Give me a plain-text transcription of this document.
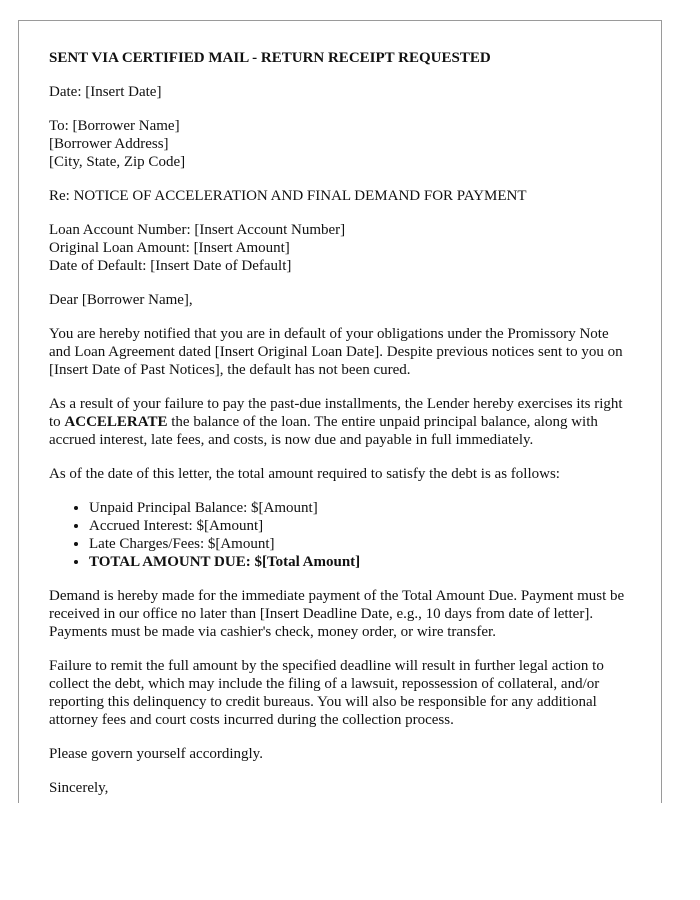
SENT VIA CERTIFIED MAIL - RETURN RECEIPT REQUESTED

Date: [Insert Date]

To: [Borrower Name]
[Borrower Address]
[City, State, Zip Code]

Re: NOTICE OF ACCELERATION AND FINAL DEMAND FOR PAYMENT

Loan Account Number: [Insert Account Number]
Original Loan Amount: [Insert Amount]
Date of Default: [Insert Date of Default]

Dear [Borrower Name],

You are hereby notified that you are in default of your obligations under the Promissory Note and Loan Agreement dated [Insert Original Loan Date]. Despite previous notices sent to you on [Insert Date of Past Notices], the default has not been cured.

As a result of your failure to pay the past-due installments, the Lender hereby exercises its right to ACCELERATE the balance of the loan. The entire unpaid principal balance, along with accrued interest, late fees, and costs, is now due and payable in full immediately.

As of the date of this letter, the total amount required to satisfy the debt is as follows:

• Unpaid Principal Balance: $[Amount]
• Accrued Interest: $[Amount]
• Late Charges/Fees: $[Amount]
• TOTAL AMOUNT DUE: $[Total Amount]

Demand is hereby made for the immediate payment of the Total Amount Due. Payment must be received in our office no later than [Insert Deadline Date, e.g., 10 days from date of letter]. Payments must be made via cashier's check, money order, or wire transfer.

Failure to remit the full amount by the specified deadline will result in further legal action to collect the debt, which may include the filing of a lawsuit, repossession of collateral, and/or reporting this delinquency to credit bureaus. You will also be responsible for any additional attorney fees and court costs incurred during the collection process.

Please govern yourself accordingly.

Sincerely,
